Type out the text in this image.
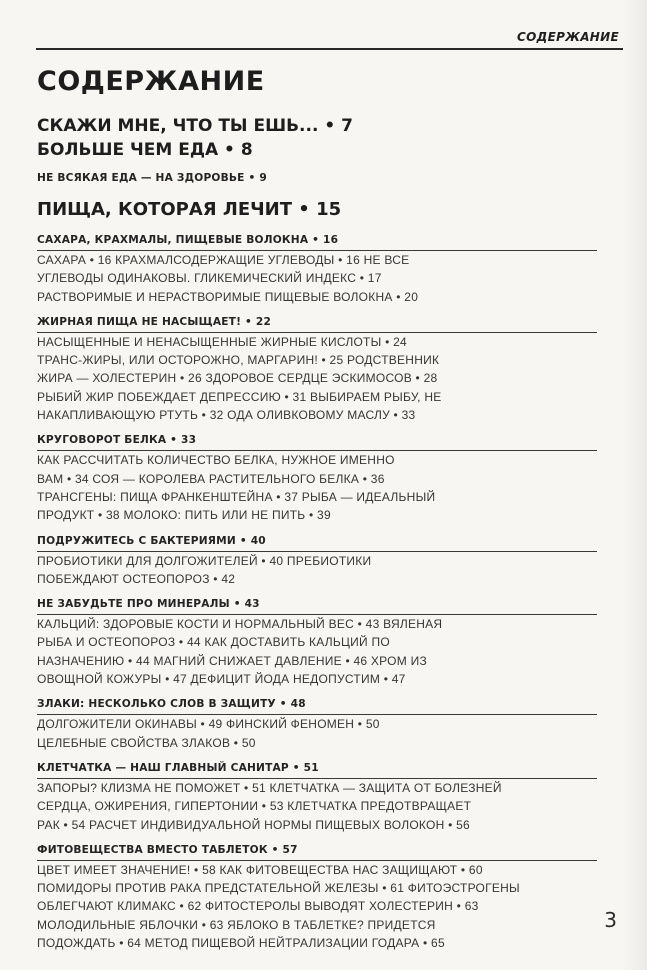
СОДЕРЖАНИЕ
СОДЕРЖАНИЕ
СКАЖИ МНЕ, ЧТО ТЫ ЕШЬ... • 7
БОЛЬШЕ ЧЕМ ЕДА • 8
НЕ ВСЯКАЯ ЕДА — НА ЗДОРОВЬЕ • 9
ПИЩА, КОТОРАЯ ЛЕЧИТ • 15
САХАРА, КРАХМАЛЫ, ПИЩЕВЫЕ ВОЛОКНА • 16

САХАРА • 16 КРАХМАЛСОДЕРЖАЩИЕ УГЛЕВОДЫ • 16 НЕ ВСЕ

УГЛЕВОДЫ ОДИНАКОВЫ. ГЛИКЕМИЧЕСКИЙ ИНДЕКС • 17

РАСТВОРИМЫЕ И НЕРАСТВОРИМЫЕ ПИЩЕВЫЕ ВОЛОКНА • 20

ЖИРНАЯ ПИЩА НЕ НАСЫЩАЕТ! • 22

НАСЫЩЕННЫЕ И НЕНАСЫЩЕННЫЕ ЖИРНЫЕ КИСЛОТЫ • 24

ТРАНС-ЖИРЫ, ИЛИ ОСТОРОЖНО, МАРГАРИН! • 25 РОДСТВЕННИК

ЖИРА — ХОЛЕСТЕРИН • 26 ЗДОРОВОЕ СЕРДЦЕ ЭСКИМОСОВ • 28

РЫБИЙ ЖИР ПОБЕЖДАЕТ ДЕПРЕССИЮ • 31 ВЫБИРАЕМ РЫБУ, НЕ

НАКАПЛИВАЮЩУЮ РТУТЬ • 32 ОДА ОЛИВКОВОМУ МАСЛУ • 33

КРУГОВОРОТ БЕЛКА • 33

КАК РАССЧИТАТЬ КОЛИЧЕСТВО БЕЛКА, НУЖНОЕ ИМЕННО

ВАМ • 34 СОЯ — КОРОЛЕВА РАСТИТЕЛЬНОГО БЕЛКА • 36

ТРАНСГЕНЫ: ПИЩА ФРАНКЕНШТЕЙНА • 37 РЫБА — ИДЕАЛЬНЫЙ

ПРОДУКТ • 38 МОЛОКО: ПИТЬ ИЛИ НЕ ПИТЬ • 39

ПОДРУЖИТЕСЬ С БАКТЕРИЯМИ • 40

ПРОБИОТИКИ ДЛЯ ДОЛГОЖИТЕЛЕЙ • 40 ПРЕБИОТИКИ

ПОБЕЖДАЮТ ОСТЕОПОРОЗ • 42

НЕ ЗАБУДЬТЕ ПРО МИНЕРАЛЫ • 43

КАЛЬЦИЙ: ЗДОРОВЫЕ КОСТИ И НОРМАЛЬНЫЙ ВЕС • 43 ВЯЛЕНАЯ

РЫБА И ОСТЕОПОРОЗ • 44 КАК ДОСТАВИТЬ КАЛЬЦИЙ ПО

НАЗНАЧЕНИЮ • 44 МАГНИЙ СНИЖАЕТ ДАВЛЕНИЕ • 46 ХРОМ ИЗ

ОВОЩНОЙ КОЖУРЫ • 47 ДЕФИЦИТ ЙОДА НЕДОПУСТИМ • 47

ЗЛАКИ: НЕСКОЛЬКО СЛОВ В ЗАЩИТУ • 48

ДОЛГОЖИТЕЛИ ОКИНАВЫ • 49 ФИНСКИЙ ФЕНОМЕН • 50

ЦЕЛЕБНЫЕ СВОЙСТВА ЗЛАКОВ • 50

КЛЕТЧАТКА — НАШ ГЛАВНЫЙ САНИТАР • 51

ЗАПОРЫ? КЛИЗМА НЕ ПОМОЖЕТ • 51 КЛЕТЧАТКА — ЗАЩИТА ОТ БОЛЕЗНЕЙ

СЕРДЦА, ОЖИРЕНИЯ, ГИПЕРТОНИИ • 53 КЛЕТЧАТКА ПРЕДОТВРАЩАЕТ

РАК • 54 РАСЧЕТ ИНДИВИДУАЛЬНОЙ НОРМЫ ПИЩЕВЫХ ВОЛОКОН • 56

ФИТОВЕЩЕСТВА ВМЕСТО ТАБЛЕТОК • 57

ЦВЕТ ИМЕЕТ ЗНАЧЕНИЕ! • 58 КАК ФИТОВЕЩЕСТВА НАС ЗАЩИЩАЮТ • 60

ПОМИДОРЫ ПРОТИВ РАКА ПРЕДСТАТЕЛЬНОЙ ЖЕЛЕЗЫ • 61 ФИТОЭСТРОГЕНЫ

ОБЛЕГЧАЮТ КЛИМАКС • 62 ФИТОСТЕРОЛЫ ВЫВОДЯТ ХОЛЕСТЕРИН • 63

МОЛОДИЛЬНЫЕ ЯБЛОЧКИ • 63 ЯБЛОКО В ТАБЛЕТКЕ? ПРИДЕТСЯ

ПОДОЖДАТЬ • 64 МЕТОД ПИЩЕВОЙ НЕЙТРАЛИЗАЦИИ ГОДАРА • 65

3
